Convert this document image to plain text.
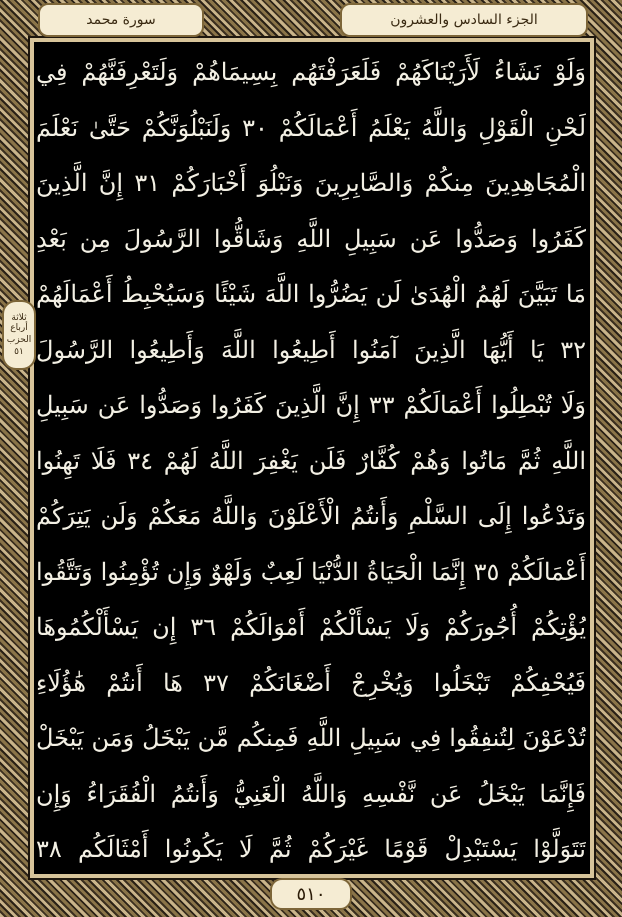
سورة محمد	الجزء السادس والعشرون
ثلاثة أرباع
الحزب
٥١
وَلَوْ نَشَاءُ لَأَرَيْنَاكَهُمْ فَلَعَرَفْتَهُم بِسِيمَاهُمْ وَلَتَعْرِفَنَّهُمْ فِي
لَحْنِ الْقَوْلِ وَاللَّهُ يَعْلَمُ أَعْمَالَكُمْ ٣٠ وَلَنَبْلُوَنَّكُمْ حَتَّىٰ نَعْلَمَ
الْمُجَاهِدِينَ مِنكُمْ وَالصَّابِرِينَ وَنَبْلُوَ أَخْبَارَكُمْ ٣١ إِنَّ الَّذِينَ
كَفَرُوا وَصَدُّوا عَن سَبِيلِ اللَّهِ وَشَاقُّوا الرَّسُولَ مِن بَعْدِ
مَا تَبَيَّنَ لَهُمُ الْهُدَىٰ لَن يَضُرُّوا اللَّهَ شَيْئًا وَسَيُحْبِطُ أَعْمَالَهُمْ
٣٢ يَا أَيُّهَا الَّذِينَ آمَنُوا أَطِيعُوا اللَّهَ وَأَطِيعُوا الرَّسُولَ
وَلَا تُبْطِلُوا أَعْمَالَكُمْ ٣٣ إِنَّ الَّذِينَ كَفَرُوا وَصَدُّوا عَن سَبِيلِ
اللَّهِ ثُمَّ مَاتُوا وَهُمْ كُفَّارٌ فَلَن يَغْفِرَ اللَّهُ لَهُمْ ٣٤ فَلَا تَهِنُوا
وَتَدْعُوا إِلَى السَّلْمِ وَأَنتُمُ الْأَعْلَوْنَ وَاللَّهُ مَعَكُمْ وَلَن يَتِرَكُمْ
أَعْمَالَكُمْ ٣٥ إِنَّمَا الْحَيَاةُ الدُّنْيَا لَعِبٌ وَلَهْوٌ وَإِن تُؤْمِنُوا وَتَتَّقُوا
يُؤْتِكُمْ أُجُورَكُمْ وَلَا يَسْأَلْكُمْ أَمْوَالَكُمْ ٣٦ إِن يَسْأَلْكُمُوهَا
فَيُحْفِكُمْ تَبْخَلُوا وَيُخْرِجْ أَضْغَانَكُمْ ٣٧ هَا أَنتُمْ هَٰؤُلَاءِ
تُدْعَوْنَ لِتُنفِقُوا فِي سَبِيلِ اللَّهِ فَمِنكُم مَّن يَبْخَلُ وَمَن يَبْخَلْ
فَإِنَّمَا يَبْخَلُ عَن نَّفْسِهِ وَاللَّهُ الْغَنِيُّ وَأَنتُمُ الْفُقَرَاءُ وَإِن
تَتَوَلَّوْا يَسْتَبْدِلْ قَوْمًا غَيْرَكُمْ ثُمَّ لَا يَكُونُوا أَمْثَالَكُم ٣٨
٥١٠
